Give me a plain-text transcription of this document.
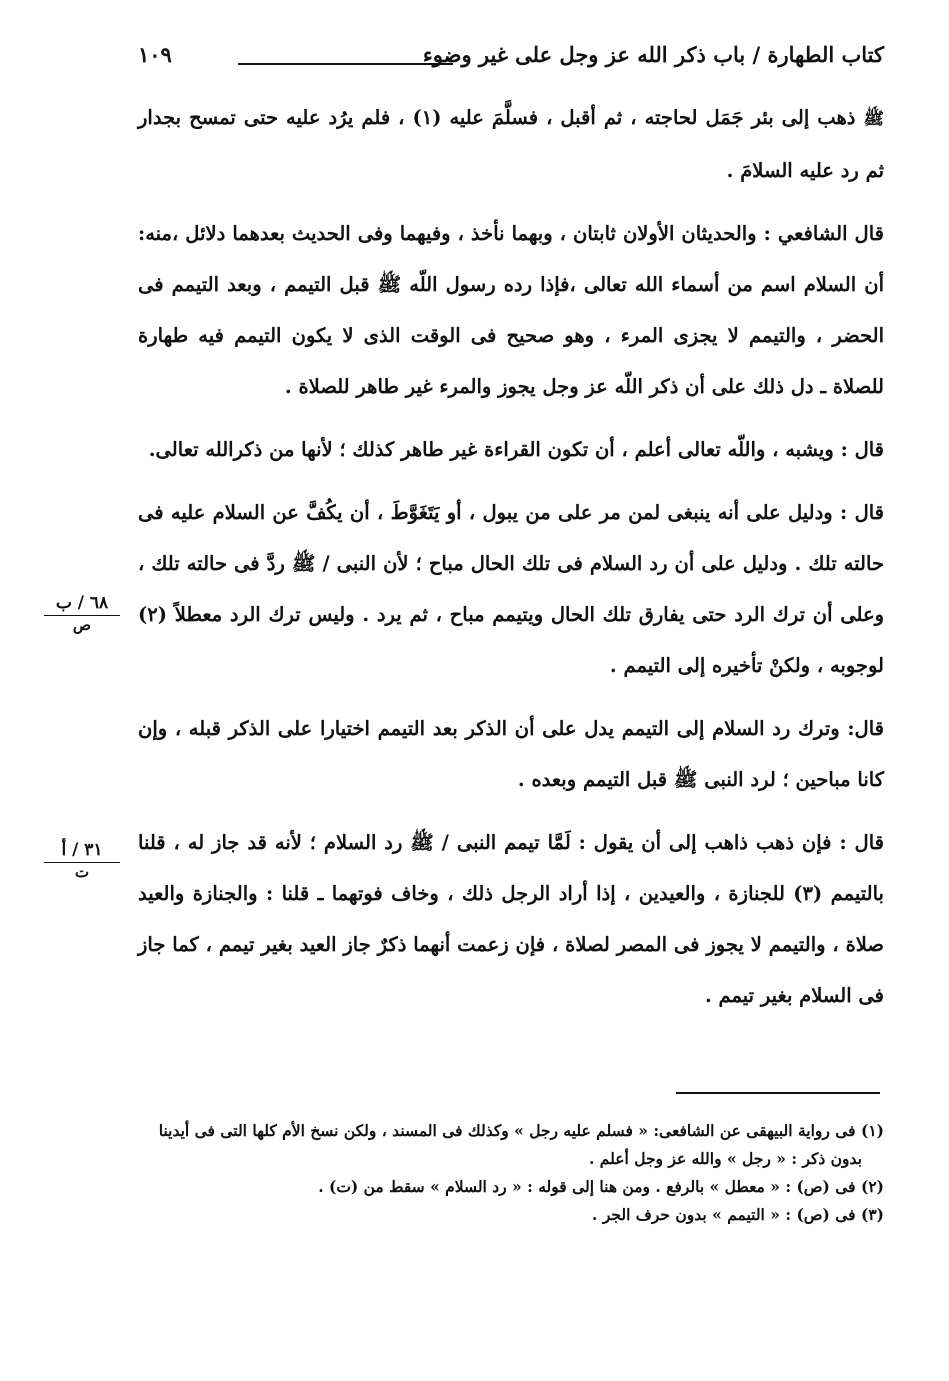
كتاب الطهارة / باب ذكر الله عز وجل على غير وضوء
١٠٩

ﷺ ذهب إلى بئر جَمَل لحاجته ، ثم أقبل ، فسلَّمَ عليه (١) ، فلم يرُد عليه حتى تمسح بجدار ثم رد عليه السلامَ .

قال الشافعي : والحديثان الأولان ثابتان ، وبهما نأخذ ، وفيهما وفى الحديث بعدهما دلائل ،منه: أن السلام اسم من أسماء الله تعالى ،فإذا رده رسول اللّه ﷺ قبل التيمم ، وبعد التيمم فى الحضر ، والتيمم لا يجزى المرء ، وهو صحيح فى الوقت الذى لا يكون التيمم فيه طهارة للصلاة ـ دل ذلك على أن ذكر اللّه عز وجل يجوز والمرء غير طاهر للصلاة .

قال : ويشبه ، واللّه تعالى أعلم ، أن تكون القراءة غير طاهر كذلك ؛ لأنها من ذكرالله تعالى.

قال : ودليل على أنه ينبغى لمن مر على من يبول ، أو يَتَغَوَّطَ ، أن يكُفَّ عن السلام عليه فى حالته تلك . ودليل على أن رد السلام فى تلك الحال مباح ؛ لأن النبى / ﷺ ردَّ فى حالته تلك ، وعلى أن ترك الرد حتى يفارق تلك الحال ويتيمم مباح ، ثم يرد . وليس ترك الرد معطلاً (٢) لوجوبه ، ولكنْ تأخيره إلى التيمم .

قال: وترك رد السلام إلى التيمم يدل على أن الذكر بعد التيمم اختيارا على الذكر قبله ، وإن كانا مباحين ؛ لرد النبى ﷺ قبل التيمم وبعده .

قال : فإن ذهب ذاهب إلى أن يقول : لَمَّا تيمم النبى / ﷺ رد السلام ؛ لأنه قد جاز له ، قلنا بالتيمم (٣) للجنازة ، والعيدين ، إذا أراد الرجل ذلك ، وخاف فوتهما ـ قلنا : والجنازة والعيد صلاة ، والتيمم لا يجوز فى المصر لصلاة ، فإن زعمت أنهما ذكرٌ جاز العيد بغير تيمم ، كما جاز فى السلام بغير تيمم .

٦٨ / ب
ص
٣١ / أ
ت

(١) فى رواية البيهقى عن الشافعى: « فسلم عليه رجل » وكذلك فى المسند ، ولكن نسخ الأم كلها التى فى أيدينا
بدون ذكر : « رجل » والله عز وجل أعلم .

(٢) فى (ص) : « معطل » بالرفع . ومن هنا إلى قوله : « رد السلام » سقط من (ت) .

(٣) فى (ص) : « التيمم » بدون حرف الجر .
